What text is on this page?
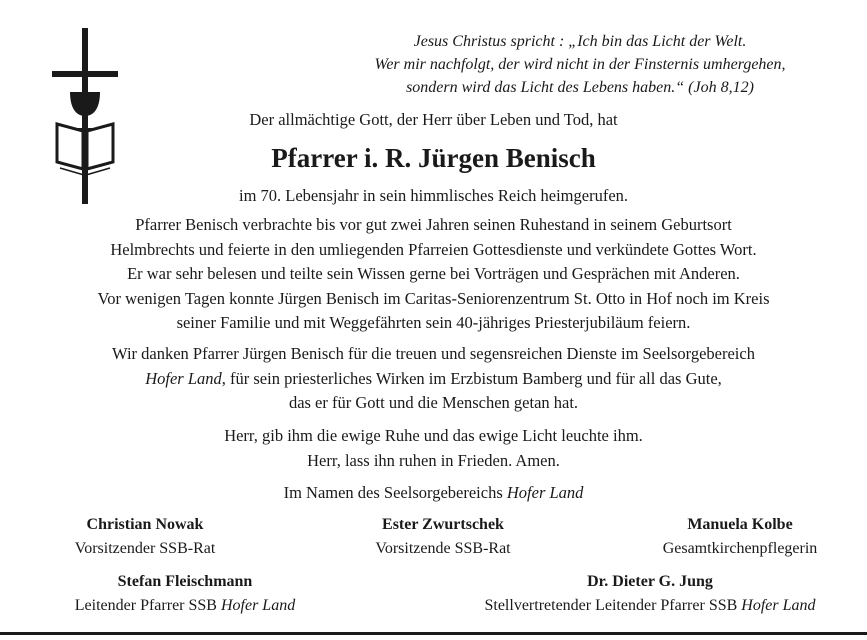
Jesus Christus spricht : „Ich bin das Licht der Welt.
Wer mir nachfolgt, der wird nicht in der Finsternis umhergehen,
sondern wird das Licht des Lebens haben.“ (Joh 8,12)
Der allmächtige Gott, der Herr über Leben und Tod, hat
Pfarrer i. R. Jürgen Benisch
im 70. Lebensjahr in sein himmlisches Reich heimgerufen.
Pfarrer Benisch verbrachte bis vor gut zwei Jahren seinen Ruhestand in seinem Geburtsort
Helmbrechts und feierte in den umliegenden Pfarreien Gottesdienste und verkündete Gottes Wort.
Er war sehr belesen und teilte sein Wissen gerne bei Vorträgen und Gesprächen mit Anderen.
Vor wenigen Tagen konnte Jürgen Benisch im Caritas-Seniorenzentrum St. Otto in Hof noch im Kreis
seiner Familie und mit Weggefährten sein 40-jähriges Priesterjubiläum feiern.
Wir danken Pfarrer Jürgen Benisch für die treuen und segensreichen Dienste im Seelsorgebereich
Hofer Land, für sein priesterliches Wirken im Erzbistum Bamberg und für all das Gute,
das er für Gott und die Menschen getan hat.
Herr, gib ihm die ewige Ruhe und das ewige Licht leuchte ihm.
Herr, lass ihn ruhen in Frieden. Amen.
Im Namen des Seelsorgebereichs Hofer Land
Christian Nowak
Vorsitzender SSB-Rat
Ester Zwurtschek
Vorsitzende SSB-Rat
Manuela Kolbe
Gesamtkirchenpflegerin
Stefan Fleischmann
Leitender Pfarrer SSB Hofer Land
Dr. Dieter G. Jung
Stellvertretender Leitender Pfarrer SSB Hofer Land
